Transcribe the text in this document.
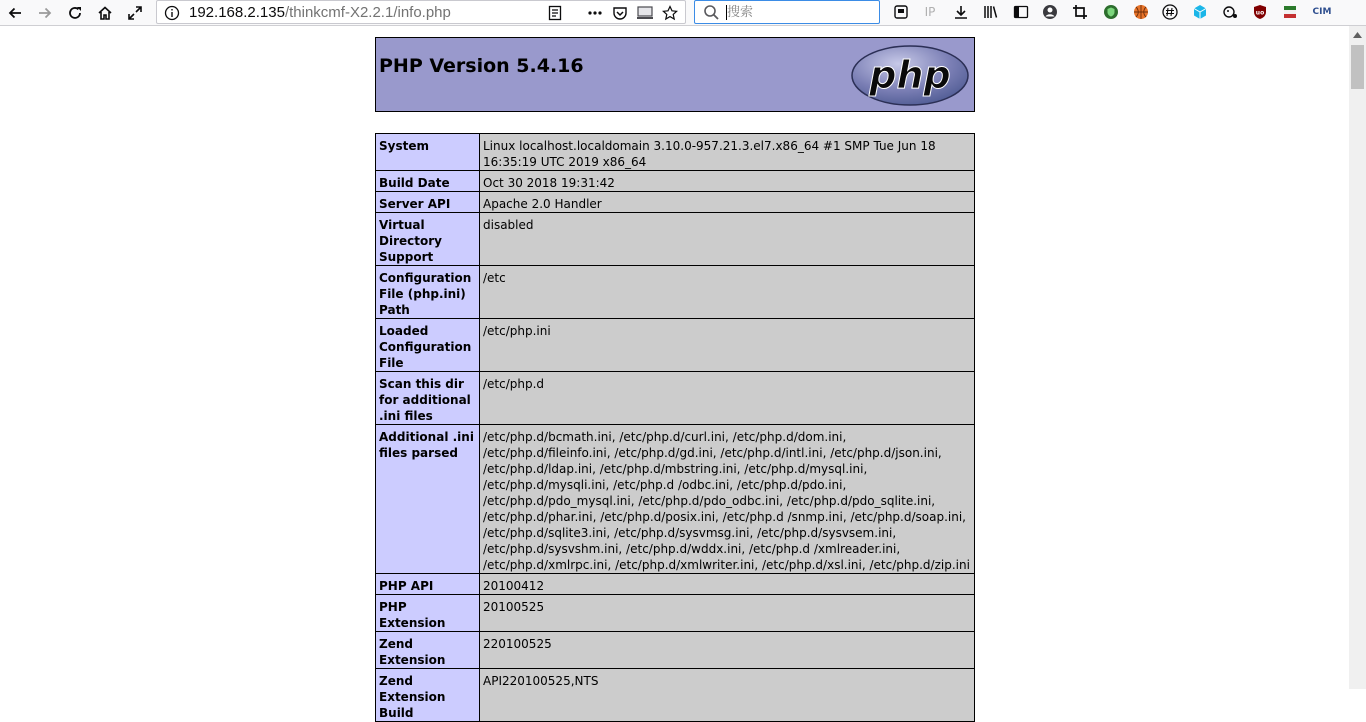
192.168.2.135/thinkcmf-X2.2.1/info.php
搜索	IP	uo	CIM
PHP Version 5.4.16	php
System	Linux localhost.localdomain 3.10.0-957.21.3.el7.x86_64 #1 SMP Tue Jun 18 16:35:19 UTC 2019 x86_64
Build Date	Oct 30 2018 19:31:42
Server API	Apache 2.0 Handler
Virtual Directory Support	disabled
Configuration File (php.ini) Path	/etc
Loaded Configuration File	/etc/php.ini
Scan this dir for additional .ini files	/etc/php.d
Additional .ini files parsed	/etc/php.d/bcmath.ini, /etc/php.d/curl.ini, /etc/php.d/dom.ini, /etc/php.d/fileinfo.ini, /etc/php.d/gd.ini, /etc/php.d/intl.ini, /etc/php.d/json.ini, /etc/php.d/ldap.ini, /etc/php.d/mbstring.ini, /etc/php.d/mysql.ini, /etc/php.d/mysqli.ini, /etc/php.d /odbc.ini, /etc/php.d/pdo.ini, /etc/php.d/pdo_mysql.ini, /etc/php.d/pdo_odbc.ini, /etc/php.d/pdo_sqlite.ini, /etc/php.d/phar.ini, /etc/php.d/posix.ini, /etc/php.d /snmp.ini, /etc/php.d/soap.ini, /etc/php.d/sqlite3.ini, /etc/php.d/sysvmsg.ini, /etc/php.d/sysvsem.ini, /etc/php.d/sysvshm.ini, /etc/php.d/wddx.ini, /etc/php.d /xmlreader.ini, /etc/php.d/xmlrpc.ini, /etc/php.d/xmlwriter.ini, /etc/php.d/xsl.ini, /etc/php.d/zip.ini
PHP API	20100412
PHP Extension	20100525
Zend Extension	220100525
Zend Extension Build	API220100525,NTS
